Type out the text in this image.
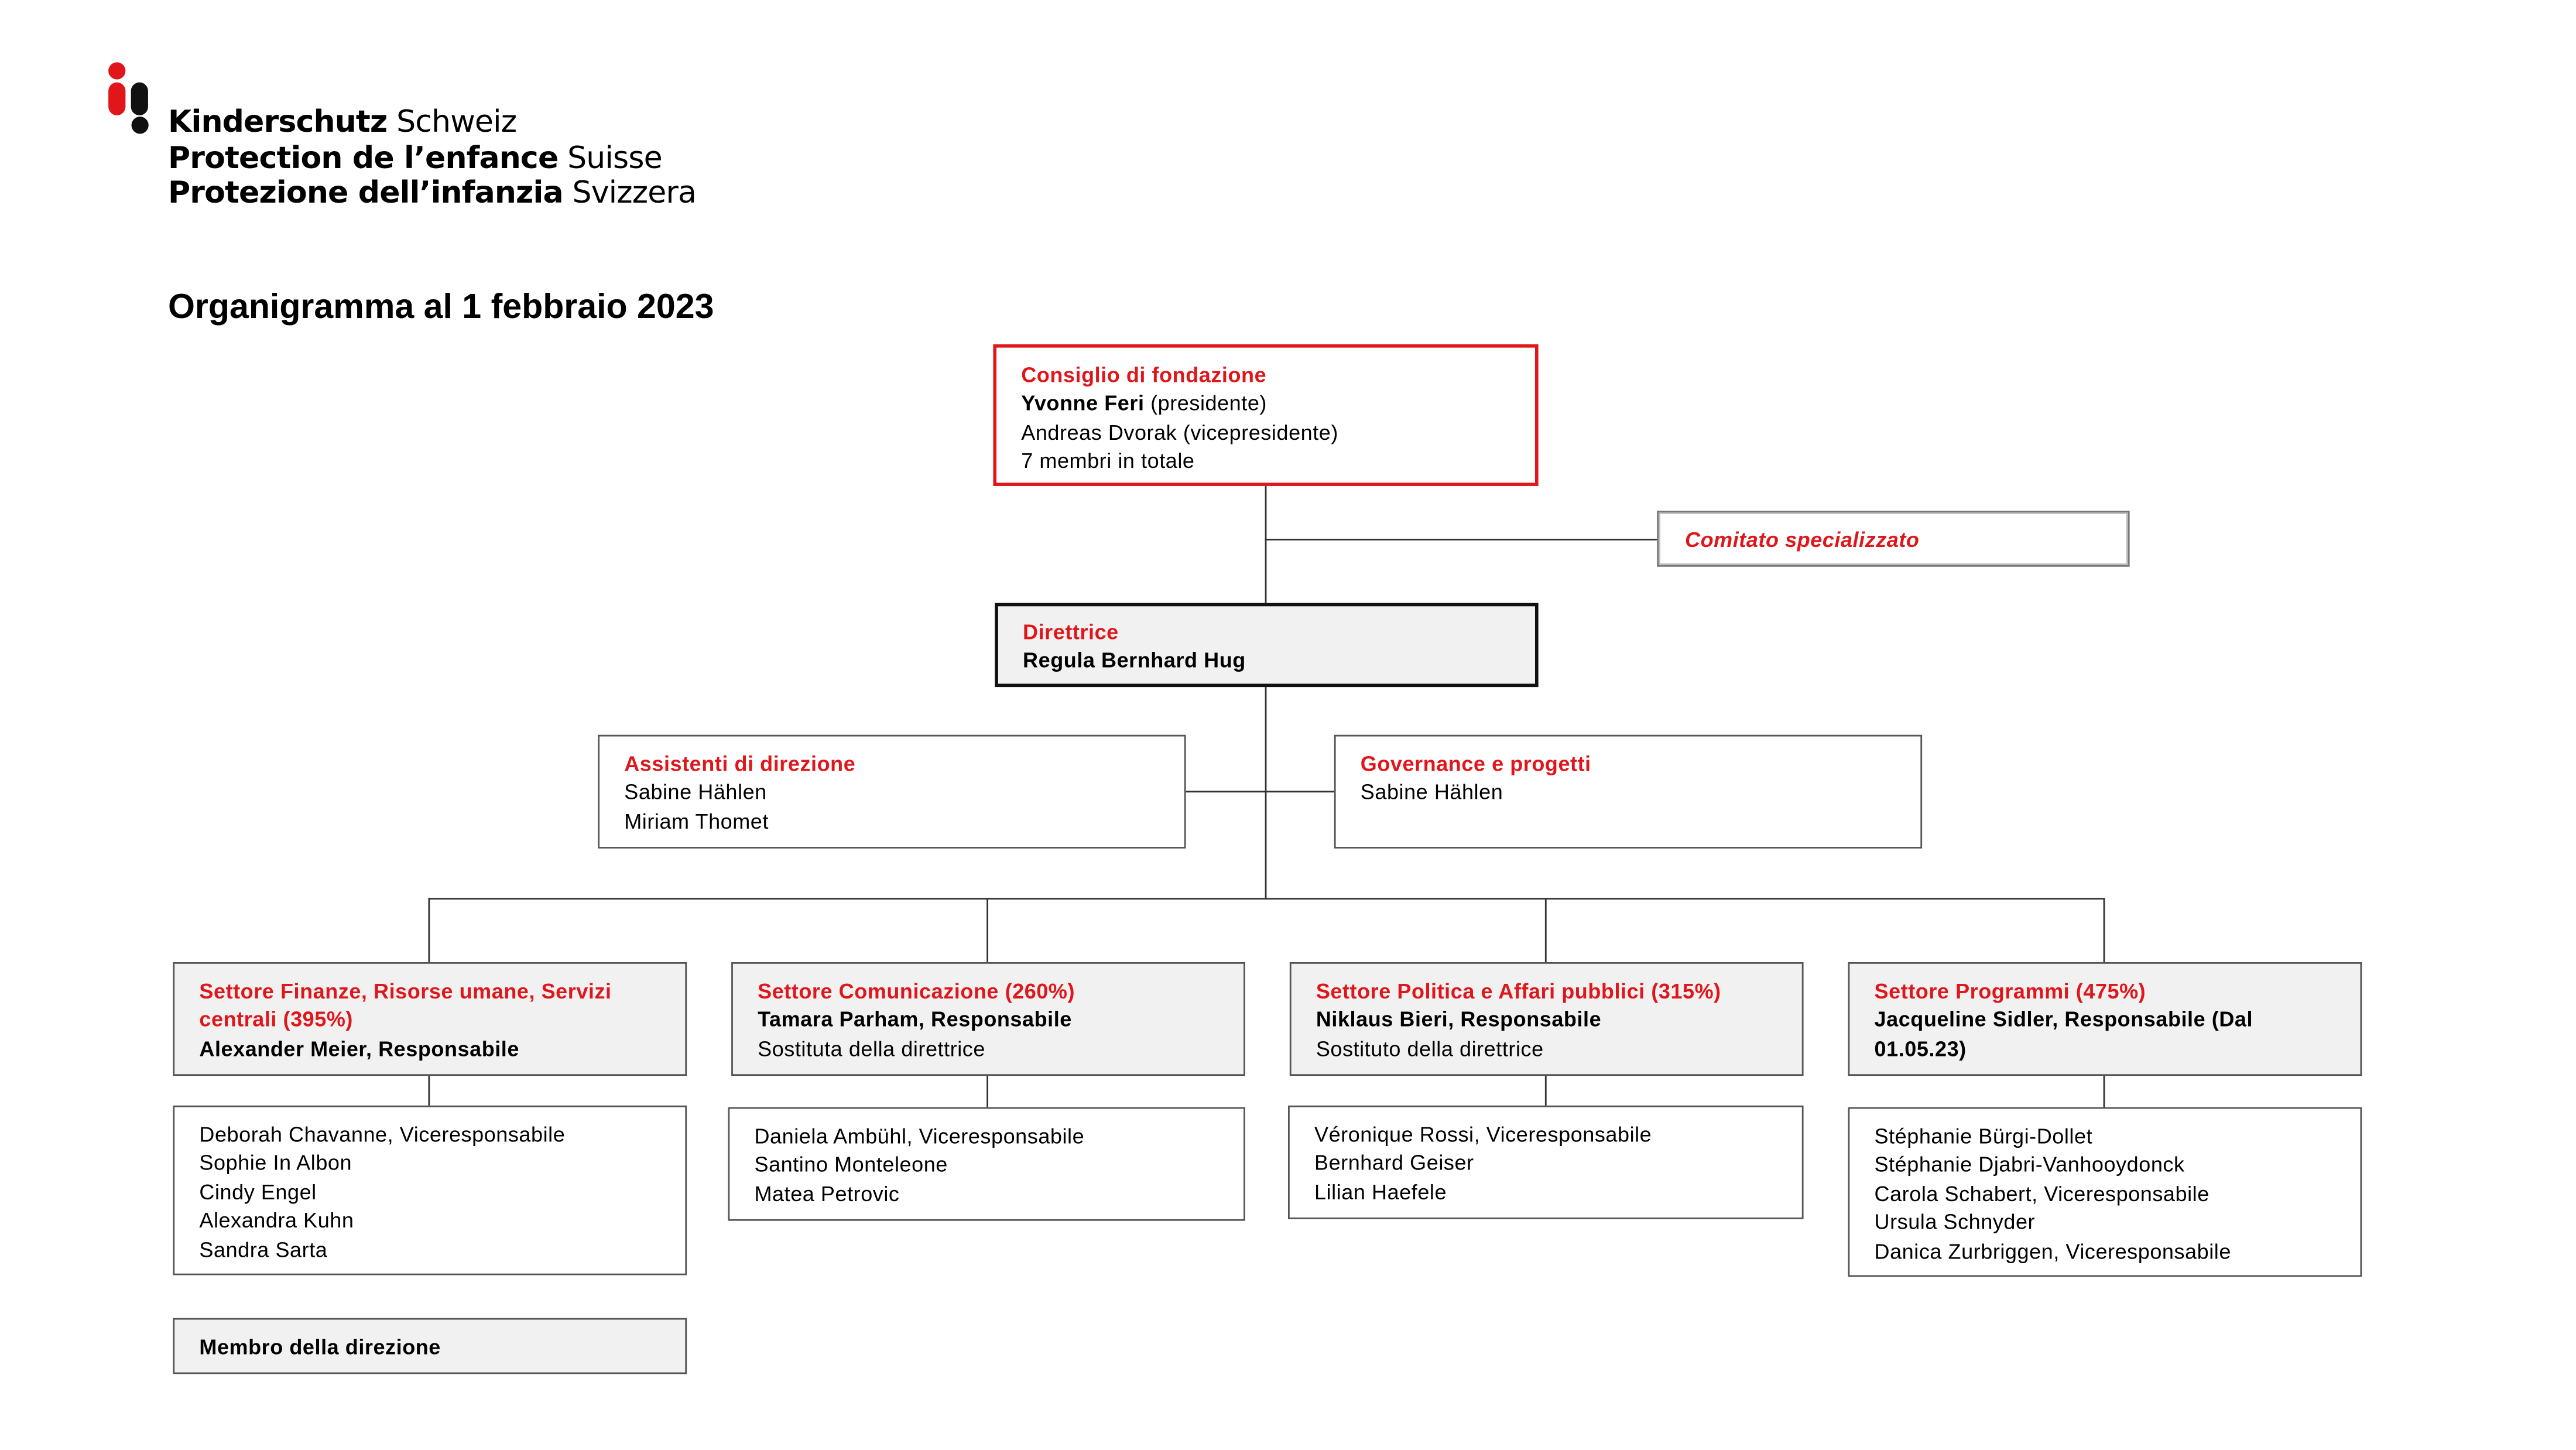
Kinderschutz Schweiz
Protection de l’enfance Suisse
Protezione dell’infanzia Svizzera
Organigramma al 1 febbraio 2023
Consiglio di fondazione
Yvonne Feri (presidente)
Andreas Dvorak (vicepresidente)
7 membri in totale
Comitato specializzato
Direttrice
Regula Bernhard Hug
Assistenti di direzione
Sabine Hählen
Miriam Thomet
Governance e progetti
Sabine Hählen
Settore Finanze, Risorse umane, Servizi centrali (395%)
Alexander Meier, Responsabile
Deborah Chavanne, Viceresponsabile
Sophie In Albon
Cindy Engel
Alexandra Kuhn
Sandra Sarta
Settore Comunicazione (260%)
Tamara Parham, Responsabile
Sostituta della direttrice
Daniela Ambühl, Viceresponsabile
Santino Monteleone
Matea Petrovic
Settore Politica e Affari pubblici (315%)
Niklaus Bieri, Responsabile
Sostituto della direttrice
Véronique Rossi, Viceresponsabile
Bernhard Geiser
Lilian Haefele
Settore Programmi (475%)
Jacqueline Sidler, Responsabile (Dal 01.05.23)
Stéphanie Bürgi-Dollet
Stéphanie Djabri-Vanhooydonck
Carola Schabert, Viceresponsabile
Ursula Schnyder
Danica Zurbriggen, Viceresponsabile
Membro della direzione
